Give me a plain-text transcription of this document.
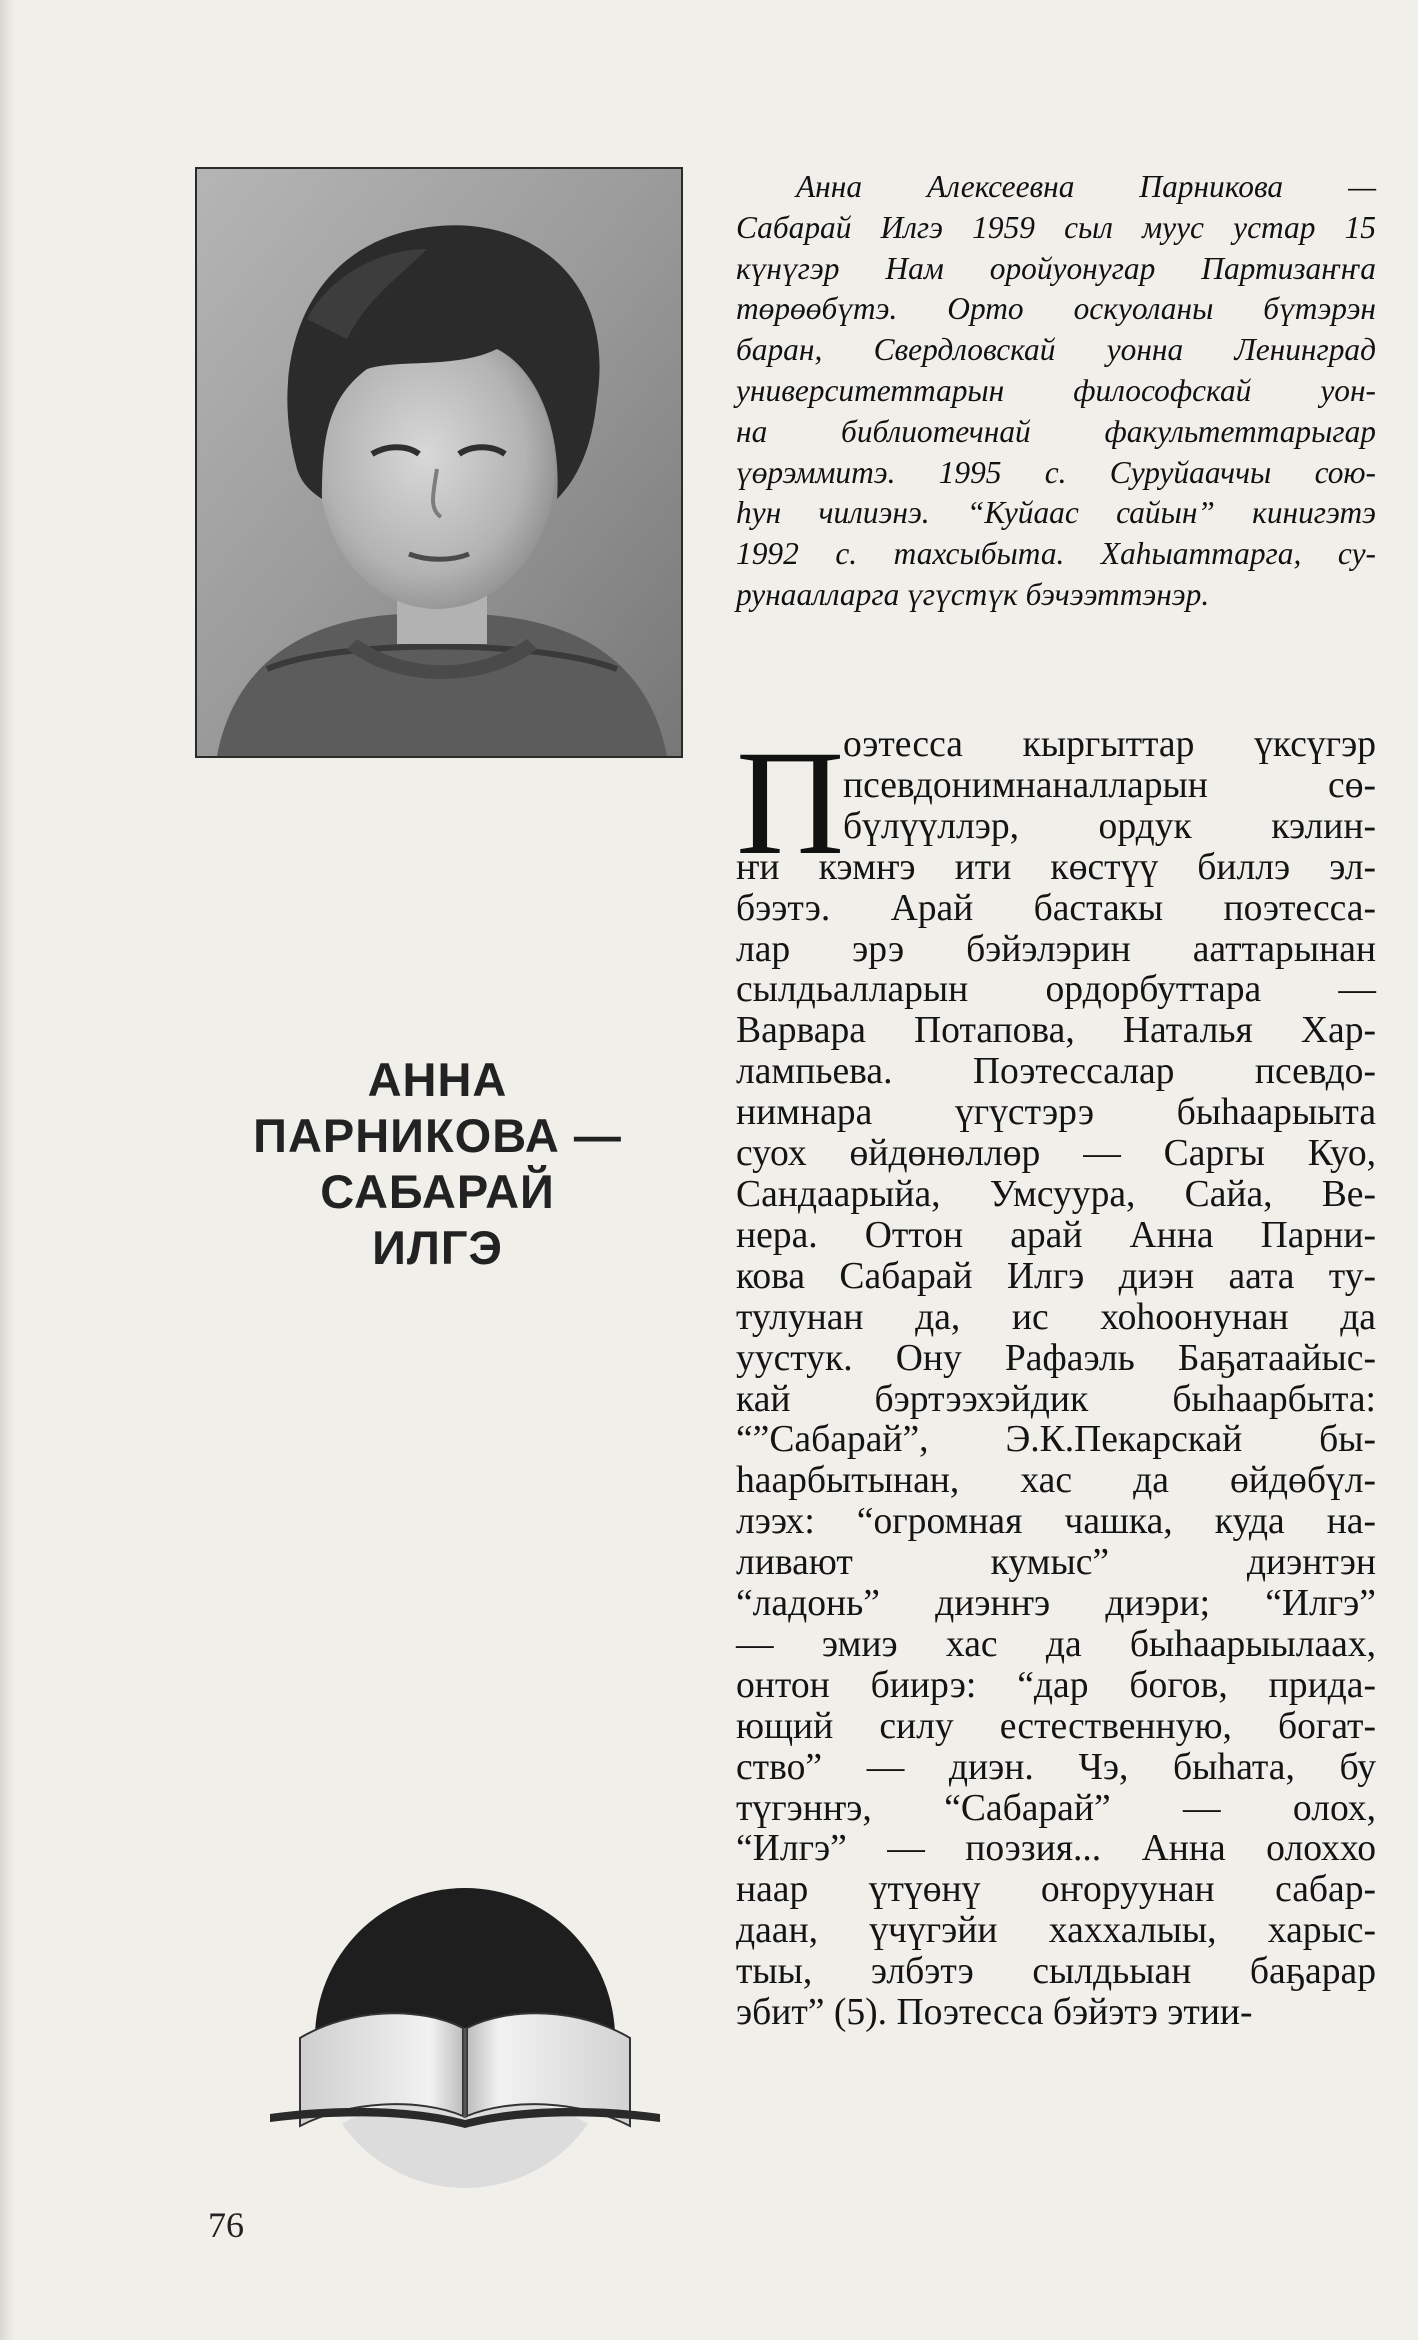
Анна Алексеевна Парникова —
Сабарай Илгэ 1959 сыл муус устар 15
күнүгэр Нам оройуонугар Партизаҥҥа
төрөөбүтэ. Орто оскуоланы бүтэрэн
баран, Свердловскай уонна Ленинград
университеттарын философскай уон-
на библиотечнай факультеттарыгар
үөрэммитэ. 1995 с. Суруйааччы сою-
һун чилиэнэ. “Куйаас сайын” кинигэтэ
1992 с. тахсыбыта. Хаһыаттарга, су-
рунаалларга үгүстүк бэчээттэнэр.
АННА
ПАРНИКОВА —
САБАРАЙ
ИЛГЭ
П
оэтесса кыргыттар үксүгэр
псевдонимнаналларын сө-
бүлүүллэр, ордук кэлин-
ҥи кэмҥэ ити көстүү биллэ эл-
бээтэ. Арай бастакы поэтесса-
лар эрэ бэйэлэрин ааттарынан
сылдьалларын ордорбуттара —
Варвара Потапова, Наталья Хар-
лампьева. Поэтессалар псевдо-
нимнара үгүстэрэ быһаарыыта
суох өйдөнөллөр — Саргы Куо,
Сандаарыйа, Умсуура, Сайа, Ве-
нера. Оттон арай Анна Парни-
кова Сабарай Илгэ диэн аата ту-
тулунан да, ис хоһоонунан да
уустук. Ону Рафаэль Баҕатаайыс-
кай бэртээхэйдик быһаарбыта:
“”Сабарай”, Э.К.Пекарскай бы-
һаарбытынан, хас да өйдөбүл-
лээх: “огромная чашка, куда на-
ливают кумыс” диэнтэн
“ладонь” диэнҥэ диэри; “Илгэ”
— эмиэ хас да быһаарыылаах,
онтон биирэ: “дар богов, прида-
ющий силу естественную, богат-
ство” — диэн. Чэ, быһата, бу
түгэнҥэ, “Сабарай” — олох,
“Илгэ” — поэзия... Анна олоххо
наар үтүөнү оҥоруунан сабар-
даан, үчүгэйи хаххалыы, харыс-
тыы, элбэтэ сылдьыан баҕарар
эбит” (5). Поэтесса бэйэтэ этии-
76
